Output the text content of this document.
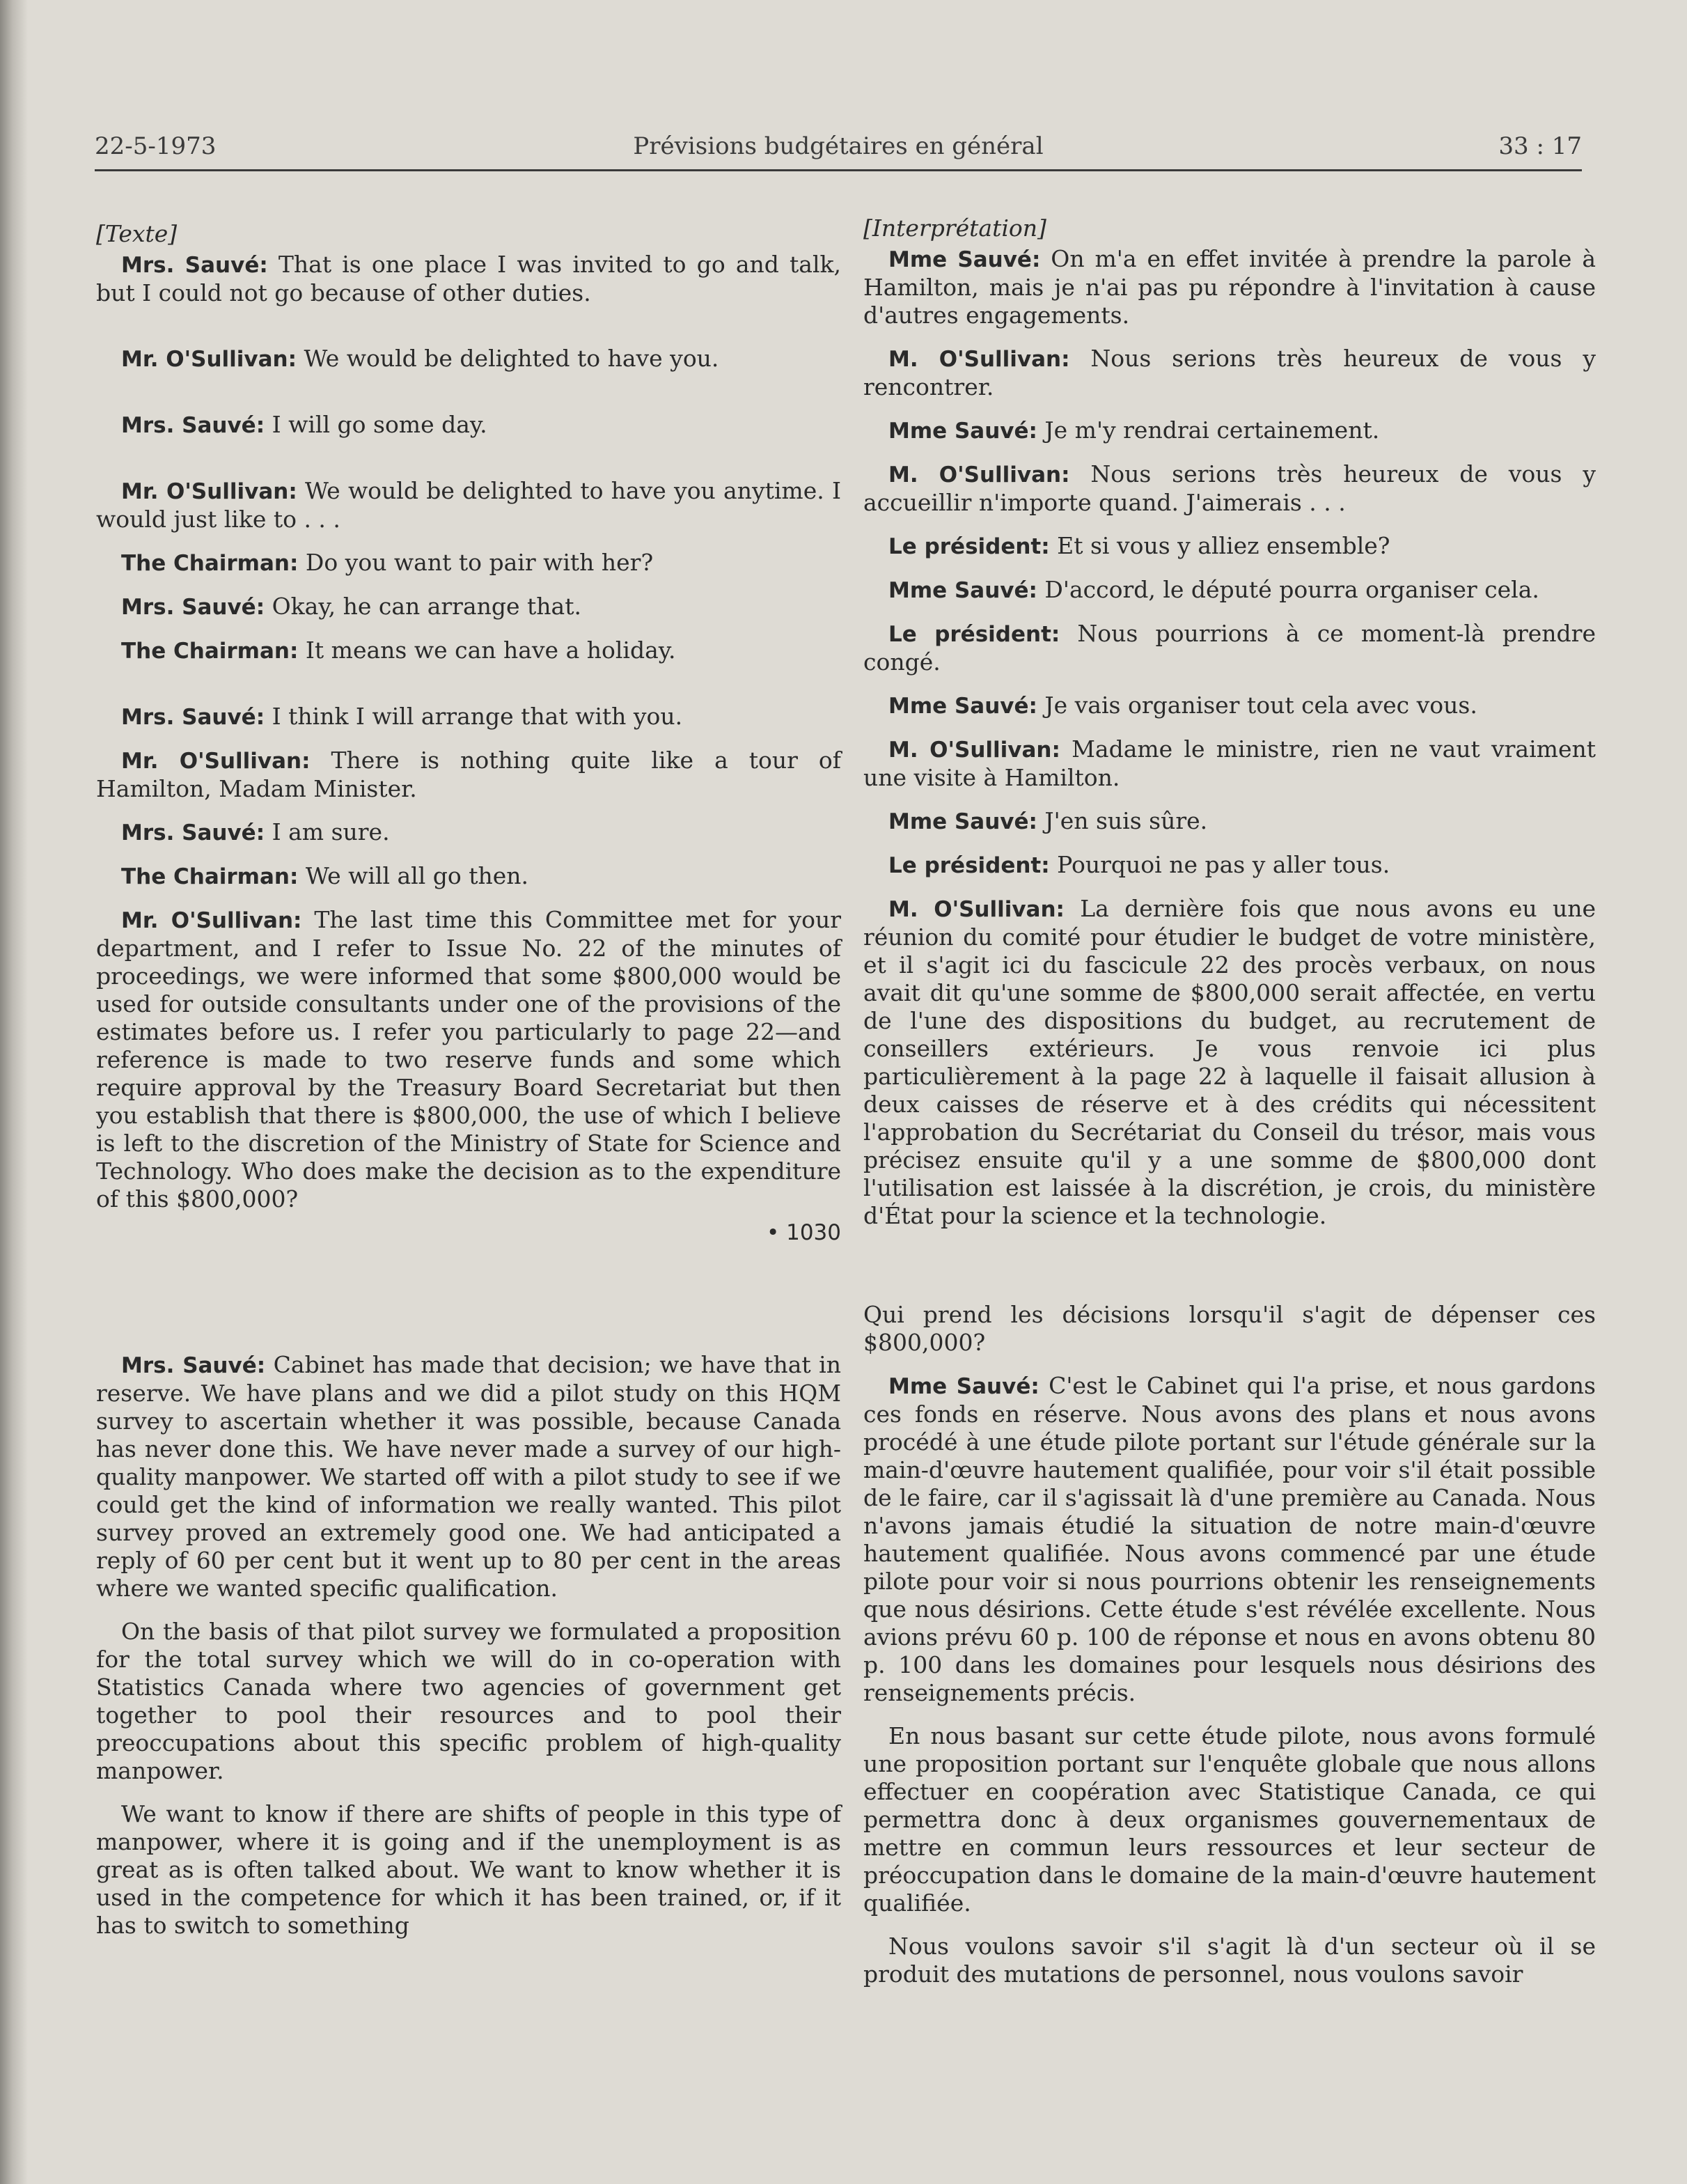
22-5-1973	Prévisions budgétaires en général	33 : 17

[Texte]

Mrs. Sauvé: That is one place I was invited to go and talk, but I could not go because of other duties.

Mr. O'Sullivan: We would be delighted to have you.

Mrs. Sauvé: I will go some day.

Mr. O'Sullivan: We would be delighted to have you anytime. I would just like to . . .

The Chairman: Do you want to pair with her?

Mrs. Sauvé: Okay, he can arrange that.

The Chairman: It means we can have a holiday.

Mrs. Sauvé: I think I will arrange that with you.

Mr. O'Sullivan: There is nothing quite like a tour of Hamilton, Madam Minister.

Mrs. Sauvé: I am sure.

The Chairman: We will all go then.

Mr. O'Sullivan: The last time this Committee met for your department, and I refer to Issue No. 22 of the minutes of proceedings, we were informed that some $800,000 would be used for outside consultants under one of the provisions of the estimates before us. I refer you particularly to page 22—and reference is made to two reserve funds and some which require approval by the Treasury Board Secretariat but then you establish that there is $800,000, the use of which I believe is left to the discretion of the Ministry of State for Science and Technology. Who does make the decision as to the expenditure of this $800,000?

• 1030

Mrs. Sauvé: Cabinet has made that decision; we have that in reserve. We have plans and we did a pilot study on this HQM survey to ascertain whether it was possible, because Canada has never done this. We have never made a survey of our high-quality manpower. We started off with a pilot study to see if we could get the kind of information we really wanted. This pilot survey proved an extremely good one. We had anticipated a reply of 60 per cent but it went up to 80 per cent in the areas where we wanted specific qualification.

On the basis of that pilot survey we formulated a proposition for the total survey which we will do in co-operation with Statistics Canada where two agencies of government get together to pool their resources and to pool their preoccupations about this specific problem of high-quality manpower.

We want to know if there are shifts of people in this type of manpower, where it is going and if the unemployment is as great as is often talked about. We want to know whether it is used in the competence for which it has been trained, or, if it has to switch to something

[Interprétation]

Mme Sauvé: On m'a en effet invitée à prendre la parole à Hamilton, mais je n'ai pas pu répondre à l'invitation à cause d'autres engagements.

M. O'Sullivan: Nous serions très heureux de vous y rencontrer.

Mme Sauvé: Je m'y rendrai certainement.

M. O'Sullivan: Nous serions très heureux de vous y accueillir n'importe quand. J'aimerais . . .

Le président: Et si vous y alliez ensemble?

Mme Sauvé: D'accord, le député pourra organiser cela.

Le président: Nous pourrions à ce moment-là prendre congé.

Mme Sauvé: Je vais organiser tout cela avec vous.

M. O'Sullivan: Madame le ministre, rien ne vaut vraiment une visite à Hamilton.

Mme Sauvé: J'en suis sûre.

Le président: Pourquoi ne pas y aller tous.

M. O'Sullivan: La dernière fois que nous avons eu une réunion du comité pour étudier le budget de votre ministère, et il s'agit ici du fascicule 22 des procès verbaux, on nous avait dit qu'une somme de $800,000 serait affectée, en vertu de l'une des dispositions du budget, au recrutement de conseillers extérieurs. Je vous renvoie ici plus particulièrement à la page 22 à laquelle il faisait allusion à deux caisses de réserve et à des crédits qui nécessitent l'approbation du Secrétariat du Conseil du trésor, mais vous précisez ensuite qu'il y a une somme de $800,000 dont l'utilisation est laissée à la discrétion, je crois, du ministère d'État pour la science et la technologie.

Qui prend les décisions lorsqu'il s'agit de dépenser ces $800,000?

Mme Sauvé: C'est le Cabinet qui l'a prise, et nous gardons ces fonds en réserve. Nous avons des plans et nous avons procédé à une étude pilote portant sur l'étude générale sur la main-d'œuvre hautement qualifiée, pour voir s'il était possible de le faire, car il s'agissait là d'une première au Canada. Nous n'avons jamais étudié la situation de notre main-d'œuvre hautement qualifiée. Nous avons commencé par une étude pilote pour voir si nous pourrions obtenir les renseignements que nous désirions. Cette étude s'est révélée excellente. Nous avions prévu 60 p. 100 de réponse et nous en avons obtenu 80 p. 100 dans les domaines pour lesquels nous désirions des renseignements précis.

En nous basant sur cette étude pilote, nous avons formulé une proposition portant sur l'enquête globale que nous allons effectuer en coopération avec Statistique Canada, ce qui permettra donc à deux organismes gouvernementaux de mettre en commun leurs ressources et leur secteur de préoccupation dans le domaine de la main-d'œuvre hautement qualifiée.

Nous voulons savoir s'il s'agit là d'un secteur où il se produit des mutations de personnel, nous voulons savoir
